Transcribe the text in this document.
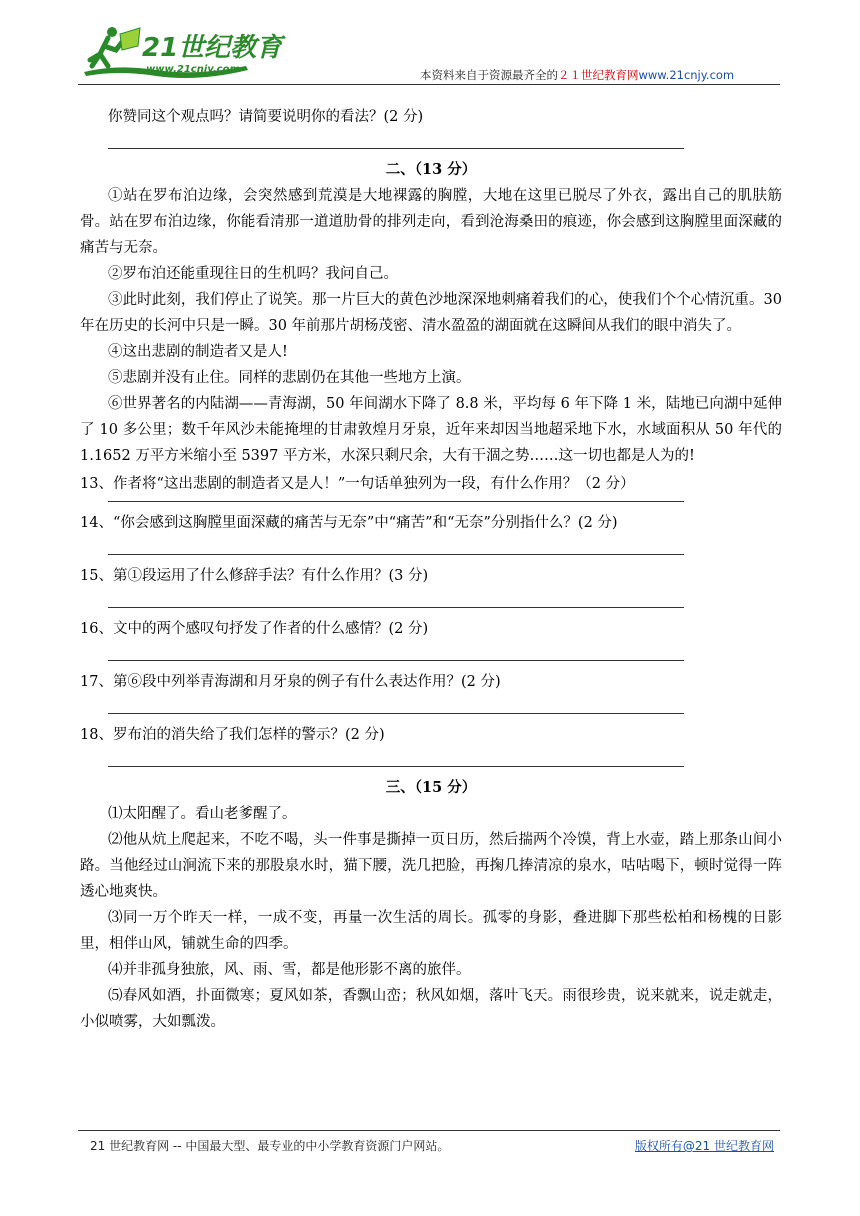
21世纪教育
www.21cnjy.com	本资料来自于资源最齐全的２１世纪教育网www.21cnjy.com

你赞同这个观点吗？请简要说明你的看法？(2 分)

二、（13 分）

①站在罗布泊边缘，会突然感到荒漠是大地裸露的胸膛，大地在这里已脱尽了外衣，露出自己的肌肤筋骨。站在罗布泊边缘，你能看清那一道道肋骨的排列走向，看到沧海桑田的痕迹，你会感到这胸膛里面深藏的痛苦与无奈。

②罗布泊还能重现往日的生机吗？我问自己。

③此时此刻，我们停止了说笑。那一片巨大的黄色沙地深深地刺痛着我们的心，使我们个个心情沉重。30 年在历史的长河中只是一瞬。30 年前那片胡杨茂密、清水盈盈的湖面就在这瞬间从我们的眼中消失了。

④这出悲剧的制造者又是人!

⑤悲剧并没有止住。同样的悲剧仍在其他一些地方上演。

⑥世界著名的内陆湖——青海湖，50 年间湖水下降了 8.8 米，平均每 6 年下降 1 米，陆地已向湖中延伸了 10 多公里；数千年风沙未能掩埋的甘肃敦煌月牙泉，近年来却因当地超采地下水，水域面积从 50 年代的 1.1652 万平方米缩小至 5397 平方米，水深只剩尺余，大有干涸之势……这一切也都是人为的!

13、作者将“这出悲剧的制造者又是人！”一句话单独列为一段，有什么作用？（2 分）

14、“你会感到这胸膛里面深藏的痛苦与无奈”中“痛苦”和“无奈”分别指什么？(2 分)

15、第①段运用了什么修辞手法？有什么作用？(3 分)

16、文中的两个感叹句抒发了作者的什么感情？(2 分)

17、第⑥段中列举青海湖和月牙泉的例子有什么表达作用？(2 分)

18、罗布泊的消失给了我们怎样的警示？(2 分)

三、（15 分）

⑴太阳醒了。看山老爹醒了。

⑵他从炕上爬起来，不吃不喝，头一件事是撕掉一页日历，然后揣两个冷馍，背上水壶，踏上那条山间小路。当他经过山涧流下来的那股泉水时，猫下腰，洗几把脸，再掬几捧清凉的泉水，咕咕喝下，顿时觉得一阵透心地爽快。

⑶同一万个昨天一样，一成不变，再量一次生活的周长。孤零的身影，叠进脚下那些松柏和杨槐的日影里，相伴山风，铺就生命的四季。

⑷并非孤身独旅，风、雨、雪，都是他形影不离的旅伴。

⑸春风如酒，扑面微寒；夏风如茶，香飘山峦；秋风如烟，落叶飞天。雨很珍贵，说来就来，说走就走，小似喷雾，大如瓢泼。

21 世纪教育网 -- 中国最大型、最专业的中小学教育资源门户网站。	版权所有@21 世纪教育网
